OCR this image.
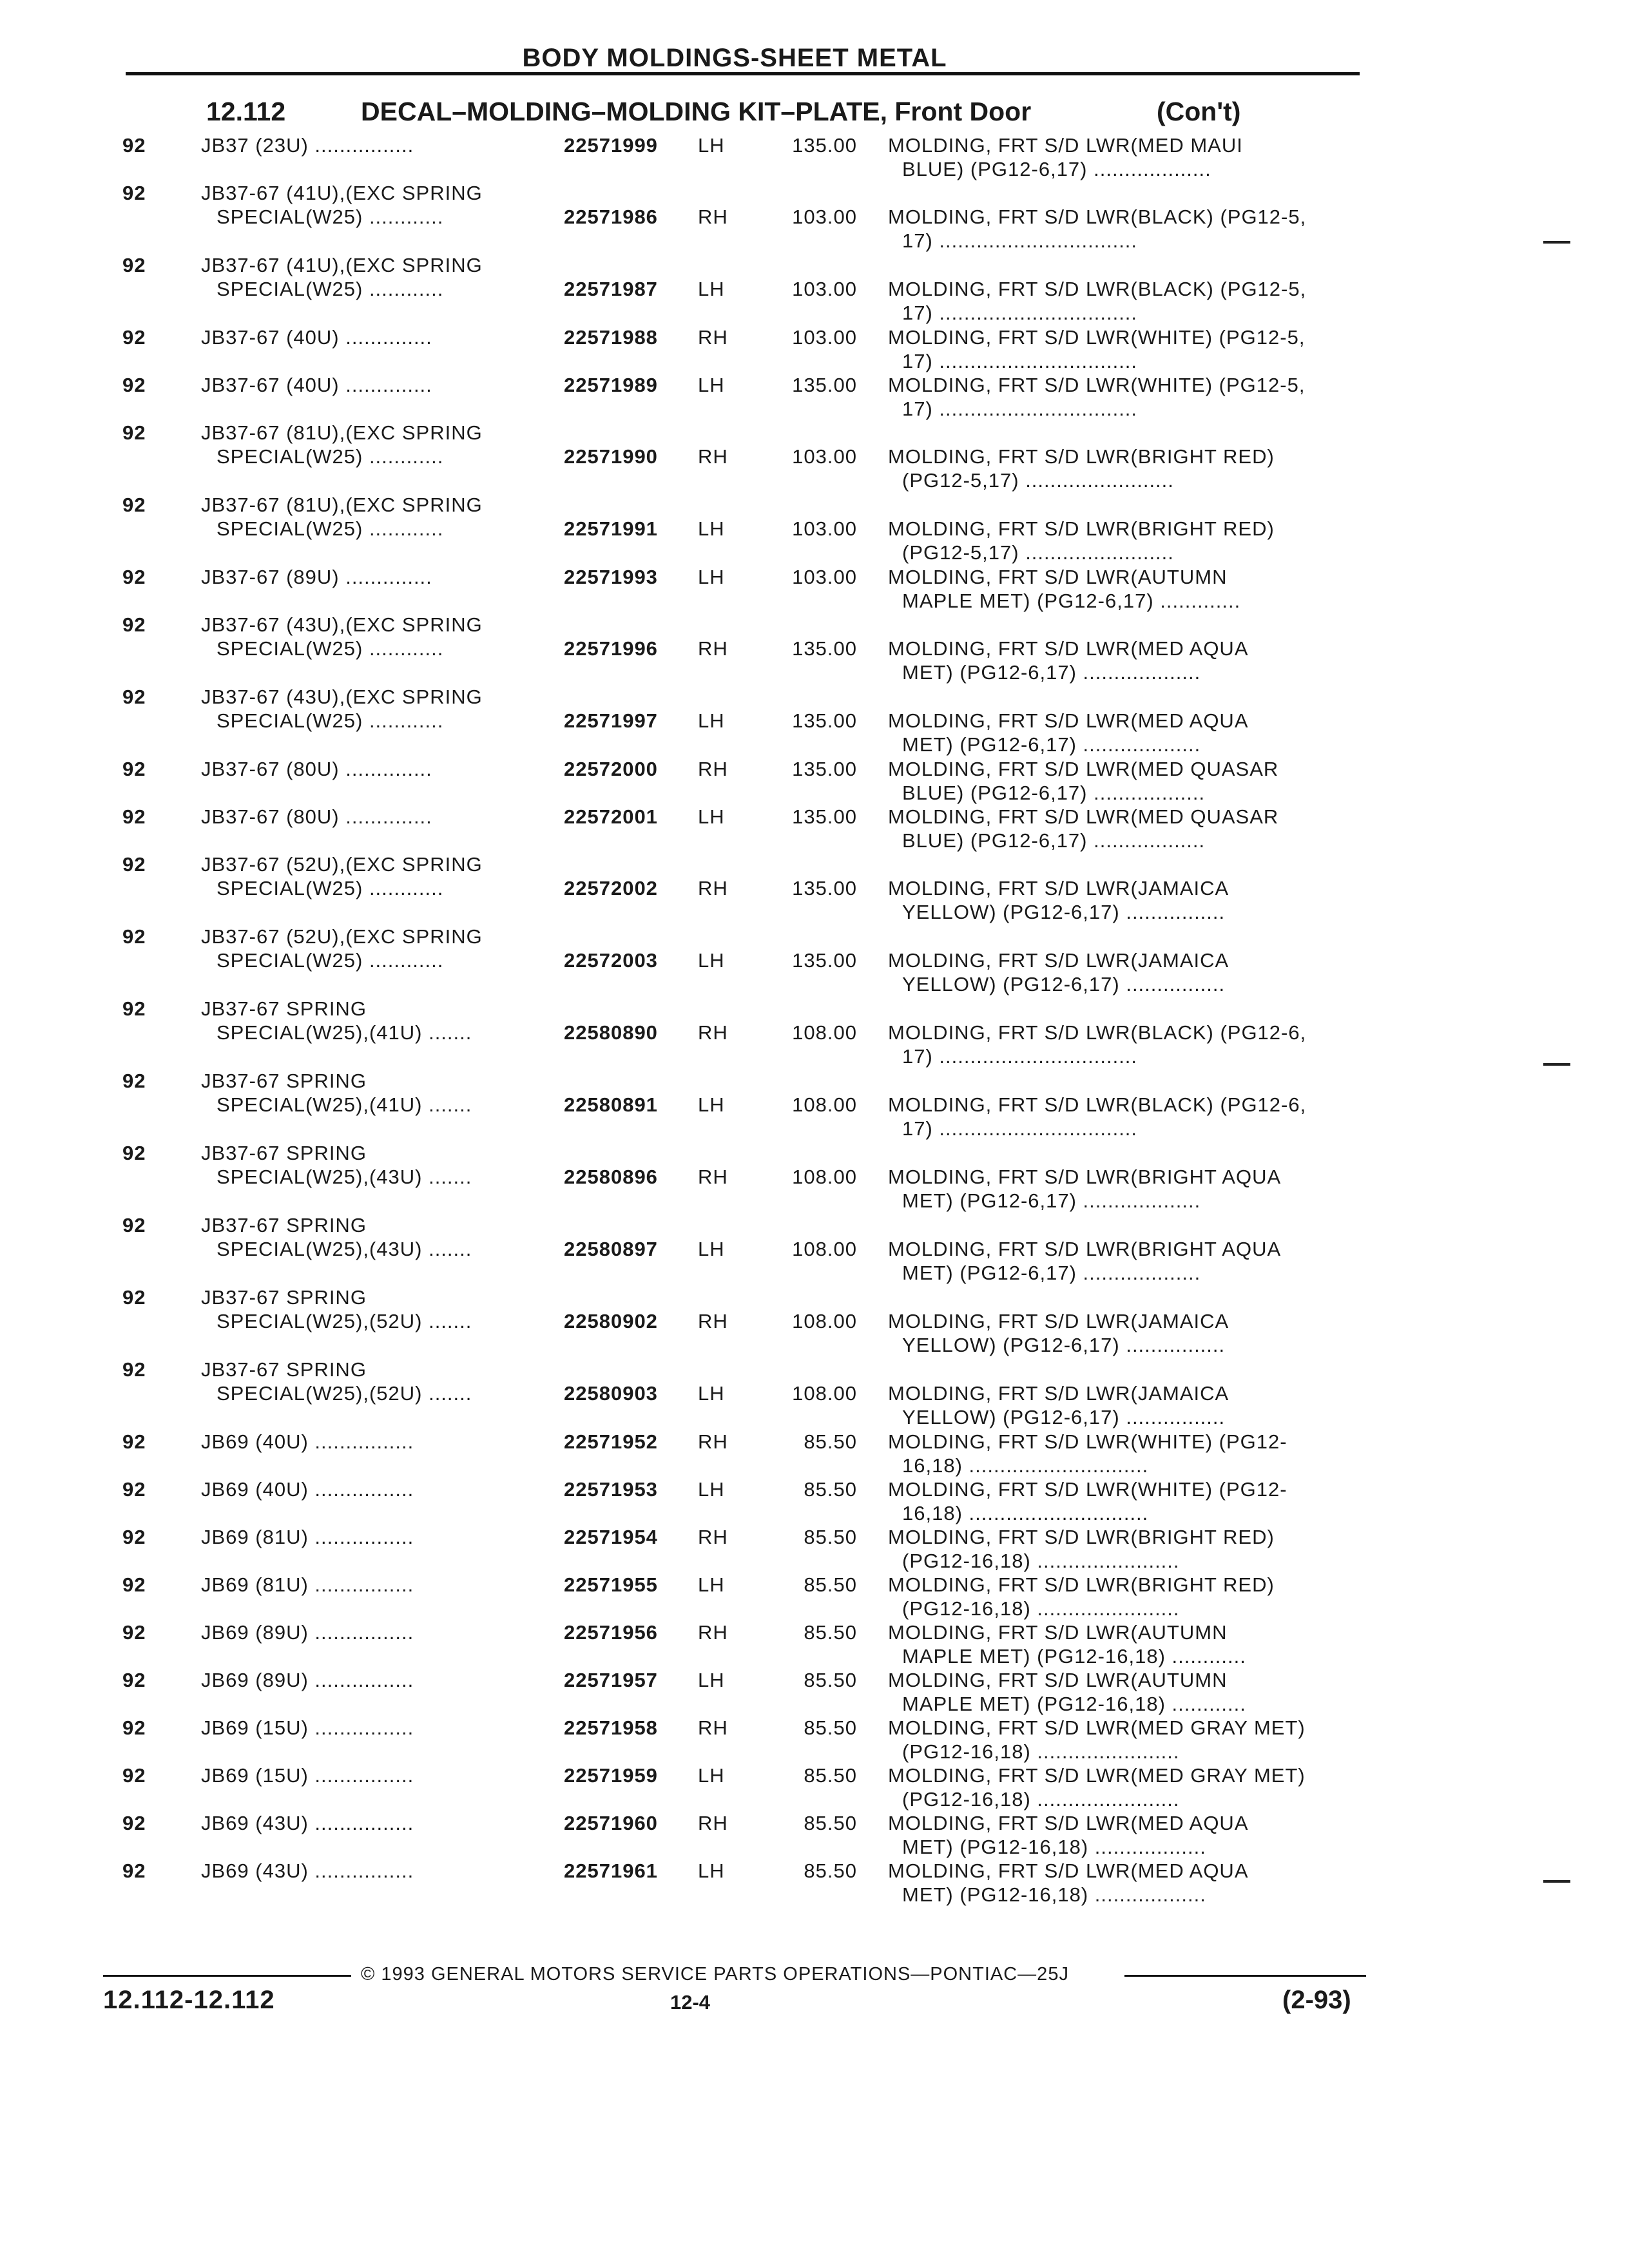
BODY MOLDINGS-SHEET METAL
12.112	DECAL–MOLDING–MOLDING KIT–PLATE, Front Door	(Con't)
92	JB37 (23U) ................	22571999 LH	135.00 MOLDING, FRT S/D LWR(MED MAUI
BLUE) (PG12-6,17) ...................
92	JB37-67 (41U),(EXC SPRING
SPECIAL(W25) ............	22571986 RH	103.00 MOLDING, FRT S/D LWR(BLACK) (PG12-5,
17) ................................
92	JB37-67 (41U),(EXC SPRING
SPECIAL(W25) ............	22571987 LH	103.00 MOLDING, FRT S/D LWR(BLACK) (PG12-5,
17) ................................
92	JB37-67 (40U) ..............	22571988 RH	103.00 MOLDING, FRT S/D LWR(WHITE) (PG12-5,
17) ................................
92	JB37-67 (40U) ..............	22571989 LH	135.00 MOLDING, FRT S/D LWR(WHITE) (PG12-5,
17) ................................
92	JB37-67 (81U),(EXC SPRING
SPECIAL(W25) ............	22571990 RH	103.00 MOLDING, FRT S/D LWR(BRIGHT RED)
(PG12-5,17) ........................
92	JB37-67 (81U),(EXC SPRING
SPECIAL(W25) ............	22571991 LH	103.00 MOLDING, FRT S/D LWR(BRIGHT RED)
(PG12-5,17) ........................
92	JB37-67 (89U) ..............	22571993 LH	103.00 MOLDING, FRT S/D LWR(AUTUMN
MAPLE MET) (PG12-6,17) .............
92	JB37-67 (43U),(EXC SPRING
SPECIAL(W25) ............	22571996 RH	135.00 MOLDING, FRT S/D LWR(MED AQUA
MET) (PG12-6,17) ...................
92	JB37-67 (43U),(EXC SPRING
SPECIAL(W25) ............	22571997 LH	135.00 MOLDING, FRT S/D LWR(MED AQUA
MET) (PG12-6,17) ...................
92	JB37-67 (80U) ..............	22572000 RH	135.00 MOLDING, FRT S/D LWR(MED QUASAR
BLUE) (PG12-6,17) ..................
92	JB37-67 (80U) ..............	22572001 LH	135.00 MOLDING, FRT S/D LWR(MED QUASAR
BLUE) (PG12-6,17) ..................
92	JB37-67 (52U),(EXC SPRING
SPECIAL(W25) ............	22572002 RH	135.00 MOLDING, FRT S/D LWR(JAMAICA
YELLOW) (PG12-6,17) ................
92	JB37-67 (52U),(EXC SPRING
SPECIAL(W25) ............	22572003 LH	135.00 MOLDING, FRT S/D LWR(JAMAICA
YELLOW) (PG12-6,17) ................
92	JB37-67 SPRING
SPECIAL(W25),(41U) .......	22580890 RH	108.00 MOLDING, FRT S/D LWR(BLACK) (PG12-6,
17) ................................
92	JB37-67 SPRING
SPECIAL(W25),(41U) .......	22580891 LH	108.00 MOLDING, FRT S/D LWR(BLACK) (PG12-6,
17) ................................
92	JB37-67 SPRING
SPECIAL(W25),(43U) .......	22580896 RH	108.00 MOLDING, FRT S/D LWR(BRIGHT AQUA
MET) (PG12-6,17) ...................
92	JB37-67 SPRING
SPECIAL(W25),(43U) .......	22580897 LH	108.00 MOLDING, FRT S/D LWR(BRIGHT AQUA
MET) (PG12-6,17) ...................
92	JB37-67 SPRING
SPECIAL(W25),(52U) .......	22580902 RH	108.00 MOLDING, FRT S/D LWR(JAMAICA
YELLOW) (PG12-6,17) ................
92	JB37-67 SPRING
SPECIAL(W25),(52U) .......	22580903 LH	108.00 MOLDING, FRT S/D LWR(JAMAICA
YELLOW) (PG12-6,17) ................
92	JB69 (40U) ................	22571952 RH	85.50 MOLDING, FRT S/D LWR(WHITE) (PG12-
16,18) .............................
92	JB69 (40U) ................	22571953 LH	85.50 MOLDING, FRT S/D LWR(WHITE) (PG12-
16,18) .............................
92	JB69 (81U) ................	22571954 RH	85.50 MOLDING, FRT S/D LWR(BRIGHT RED)
(PG12-16,18) .......................
92	JB69 (81U) ................	22571955 LH	85.50 MOLDING, FRT S/D LWR(BRIGHT RED)
(PG12-16,18) .......................
92	JB69 (89U) ................	22571956 RH	85.50 MOLDING, FRT S/D LWR(AUTUMN
MAPLE MET) (PG12-16,18) ............
92	JB69 (89U) ................	22571957 LH	85.50 MOLDING, FRT S/D LWR(AUTUMN
MAPLE MET) (PG12-16,18) ............
92	JB69 (15U) ................	22571958 RH	85.50 MOLDING, FRT S/D LWR(MED GRAY MET)
(PG12-16,18) .......................
92	JB69 (15U) ................	22571959 LH	85.50 MOLDING, FRT S/D LWR(MED GRAY MET)
(PG12-16,18) .......................
92	JB69 (43U) ................	22571960 RH	85.50 MOLDING, FRT S/D LWR(MED AQUA
MET) (PG12-16,18) ..................
92	JB69 (43U) ................	22571961 LH	85.50 MOLDING, FRT S/D LWR(MED AQUA
MET) (PG12-16,18) ..................
© 1993 GENERAL MOTORS SERVICE PARTS OPERATIONS—PONTIAC—25J
12.112-12.112	12-4	(2-93)
